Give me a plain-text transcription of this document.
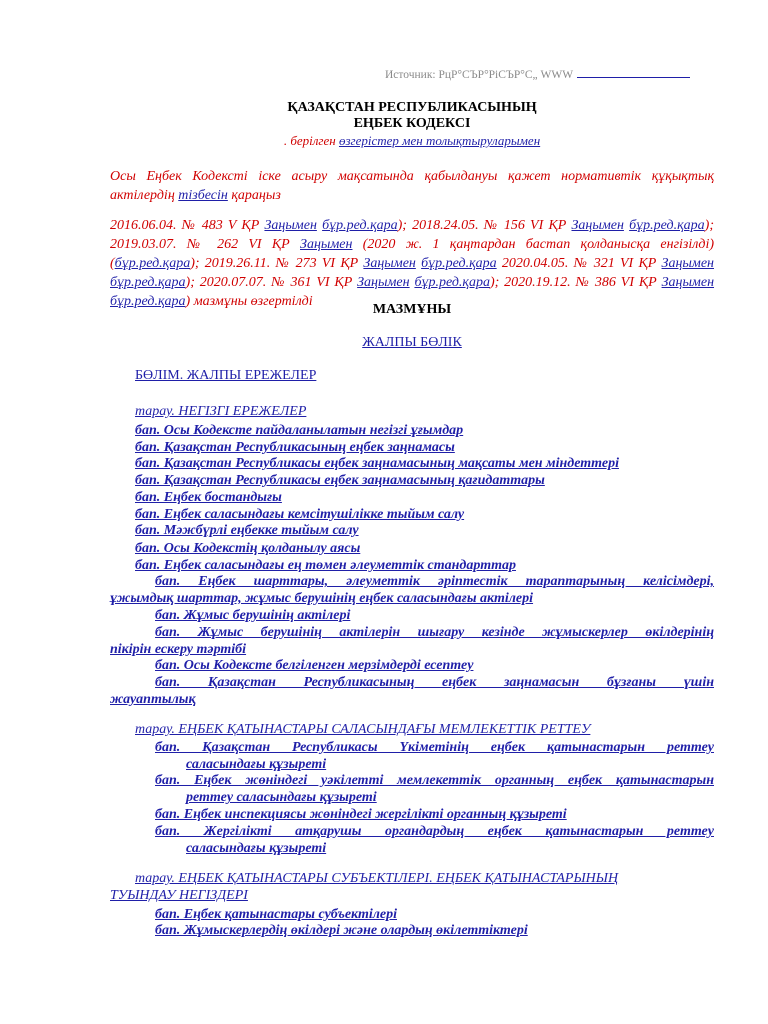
Источник: РцР°СЪР°РіСЪР°С„ WWW
ҚАЗАҚСТАН РЕСПУБЛИКАСЫНЫҢ
ЕҢБЕК КОДЕКСІ
. берілген өзгерістер мен толықтыруларымен
Осы Еңбек Кодексті іске асыру мақсатында қабылдануы қажет нормативтік құқықтық актілердің тізбесін қараңыз
2016.06.04. № 483 V ҚР Заңымен бұр.ред.қара); 2018.24.05. № 156 VI ҚР Заңымен бұр.ред.қара); 2019.03.07. № 262 VI ҚР Заңымен (2020 ж. 1 қаңтардан бастап қолданысқа енгізілді) (бұр.ред.қара); 2019.26.11. № 273 VI ҚР Заңымен бұр.ред.қара 2020.04.05. № 321 VI ҚР Заңымен бұр.ред.қара); 2020.07.07. № 361 VI ҚР Заңымен бұр.ред.қара); 2020.19.12. № 386 VI ҚР Заңымен бұр.ред.қара) мазмұны өзгертілді
МАЗМҰНЫ
ЖАЛПЫ БӨЛІК
БӨЛІМ. ЖАЛПЫ ЕРЕЖЕЛЕР
тарау. НЕГІЗГІ ЕРЕЖЕЛЕР
бап. Осы Кодексте пайдаланылатын негізгі ұғымдар
бап. Қазақстан Республикасының еңбек заңнамасы
бап. Қазақстан Республикасы еңбек заңнамасының мақсаты мен міндеттері
бап. Қазақстан Республикасы еңбек заңнамасының қағидаттары
бап. Еңбек бостандығы
бап. Еңбек саласындағы кемсітушілікке тыйым салу
бап. Мәжбүрлі еңбекке тыйым салу
бап. Осы Кодекстің қолданылу аясы
бап. Еңбек саласындағы ең төмен әлеуметтік стандарттар
бап. Еңбек шарттары, әлеуметтік әріптестік тараптарының келісімдері,
ұжымдық шарттар, жұмыс берушінің еңбек саласындағы актілері
бап. Жұмыс берушінің актілері
бап. Жұмыс берушінің актілерін шығару кезінде жұмыскерлер өкілдерінің
пікірін ескеру тәртібі
бап. Осы Кодексте белгіленген мерзімдерді есептеу
бап. Қазақстан Республикасының еңбек заңнамасын бұзғаны үшін
жауаптылық
тарау. ЕҢБЕК ҚАТЫНАСТАРЫ САЛАСЫНДАҒЫ МЕМЛЕКЕТТІК РЕТТЕУ
бап. Қазақстан Республикасы Үкіметінің еңбек қатынастарын реттеу
саласындағы құзыреті
бап. Еңбек жөніндегі уәкілетті мемлекеттік органның еңбек қатынастарын
реттеу саласындағы құзыреті
бап. Еңбек инспекциясы жөніндегі жергілікті органның құзыреті
бап. Жергілікті атқарушы органдардың еңбек қатынастарын реттеу
саласындағы құзыреті
тарау. ЕҢБЕК ҚАТЫНАСТАРЫ СУБЪЕКТІЛЕРІ. ЕҢБЕК ҚАТЫНАСТАРЫНЫҢ
ТУЫНДАУ НЕГІЗДЕРІ
бап. Еңбек қатынастары субъектілері
бап. Жұмыскерлердің өкілдері және олардың өкілеттіктері
